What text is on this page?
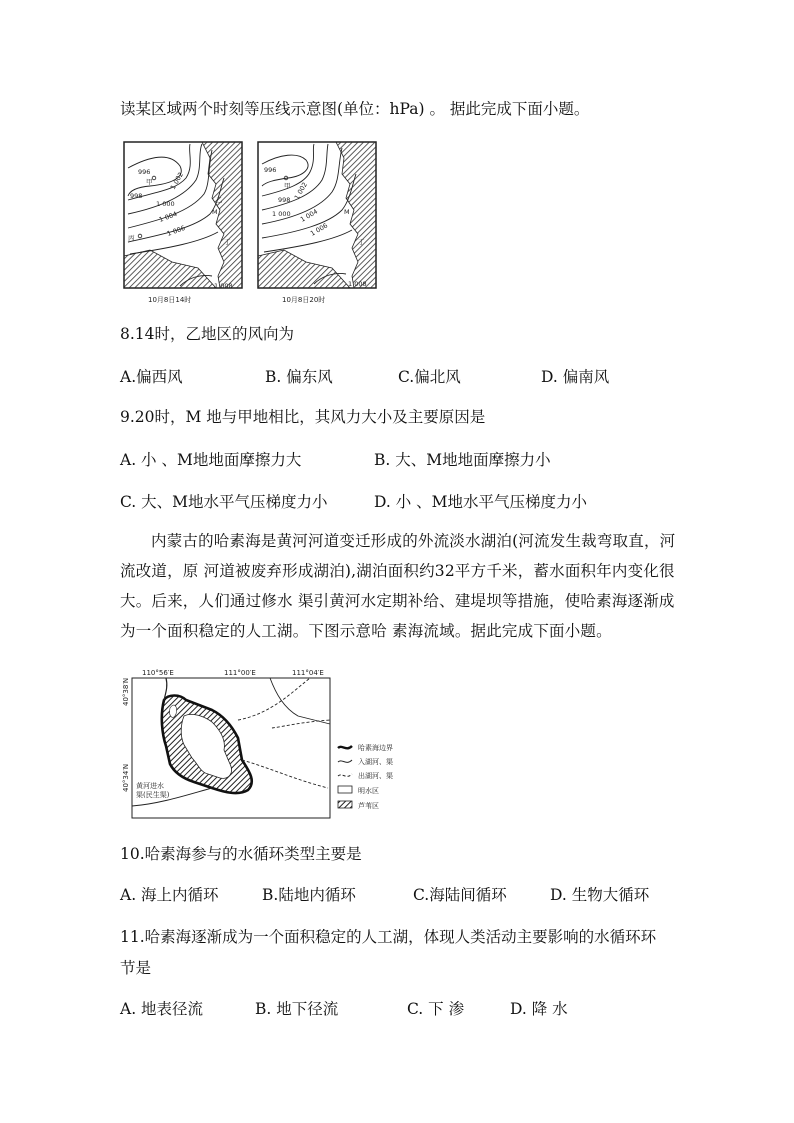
读某区域两个时刻等压线示意图(单位：hPa) 。 据此完成下面小题。
996
998
1 000
1 002
1 004
1 006
1 008
甲
丙
乙
M
丁
10月8日14时
996
998
1 000
1 002
1 004
1 006
1 008
甲
M
丁
10月8日20时
8.14时，乙地区的风向为
A.偏西风	B. 偏东风	C.偏北风	D. 偏南风
9.20时，M 地与甲地相比，其风力大小及主要原因是
A. 小 、M地地面摩擦力大	B. 大、M地地面摩擦力小
C. 大、M地水平气压梯度力小	D. 小 、M地水平气压梯度力小
内蒙古的哈素海是黄河河道变迁形成的外流淡水湖泊(河流发生裁弯取直，河流改道，原 河道被废弃形成湖泊),湖泊面积约32平方千米，蓄水面积年内变化很大。后来，人们通过修水 渠引黄河水定期补给、建堤坝等措施，使哈素海逐渐成为一个面积稳定的人工湖。下图示意哈 素海流域。据此完成下面小题。
110°56′E	111°00′E	111°04′E
40°38′N
40°34′N 黄河进水
渠(民生渠)
哈素海边界
入湖河、渠
出湖河、渠
明水区
芦苇区
10.哈素海参与的水循环类型主要是
A. 海上内循环	B.陆地内循环	C.海陆间循环	D. 生物大循环
11.哈素海逐渐成为一个面积稳定的人工湖，体现人类活动主要影响的水循环环
节是
A. 地表径流	B. 地下径流	C. 下 渗	D. 降 水
